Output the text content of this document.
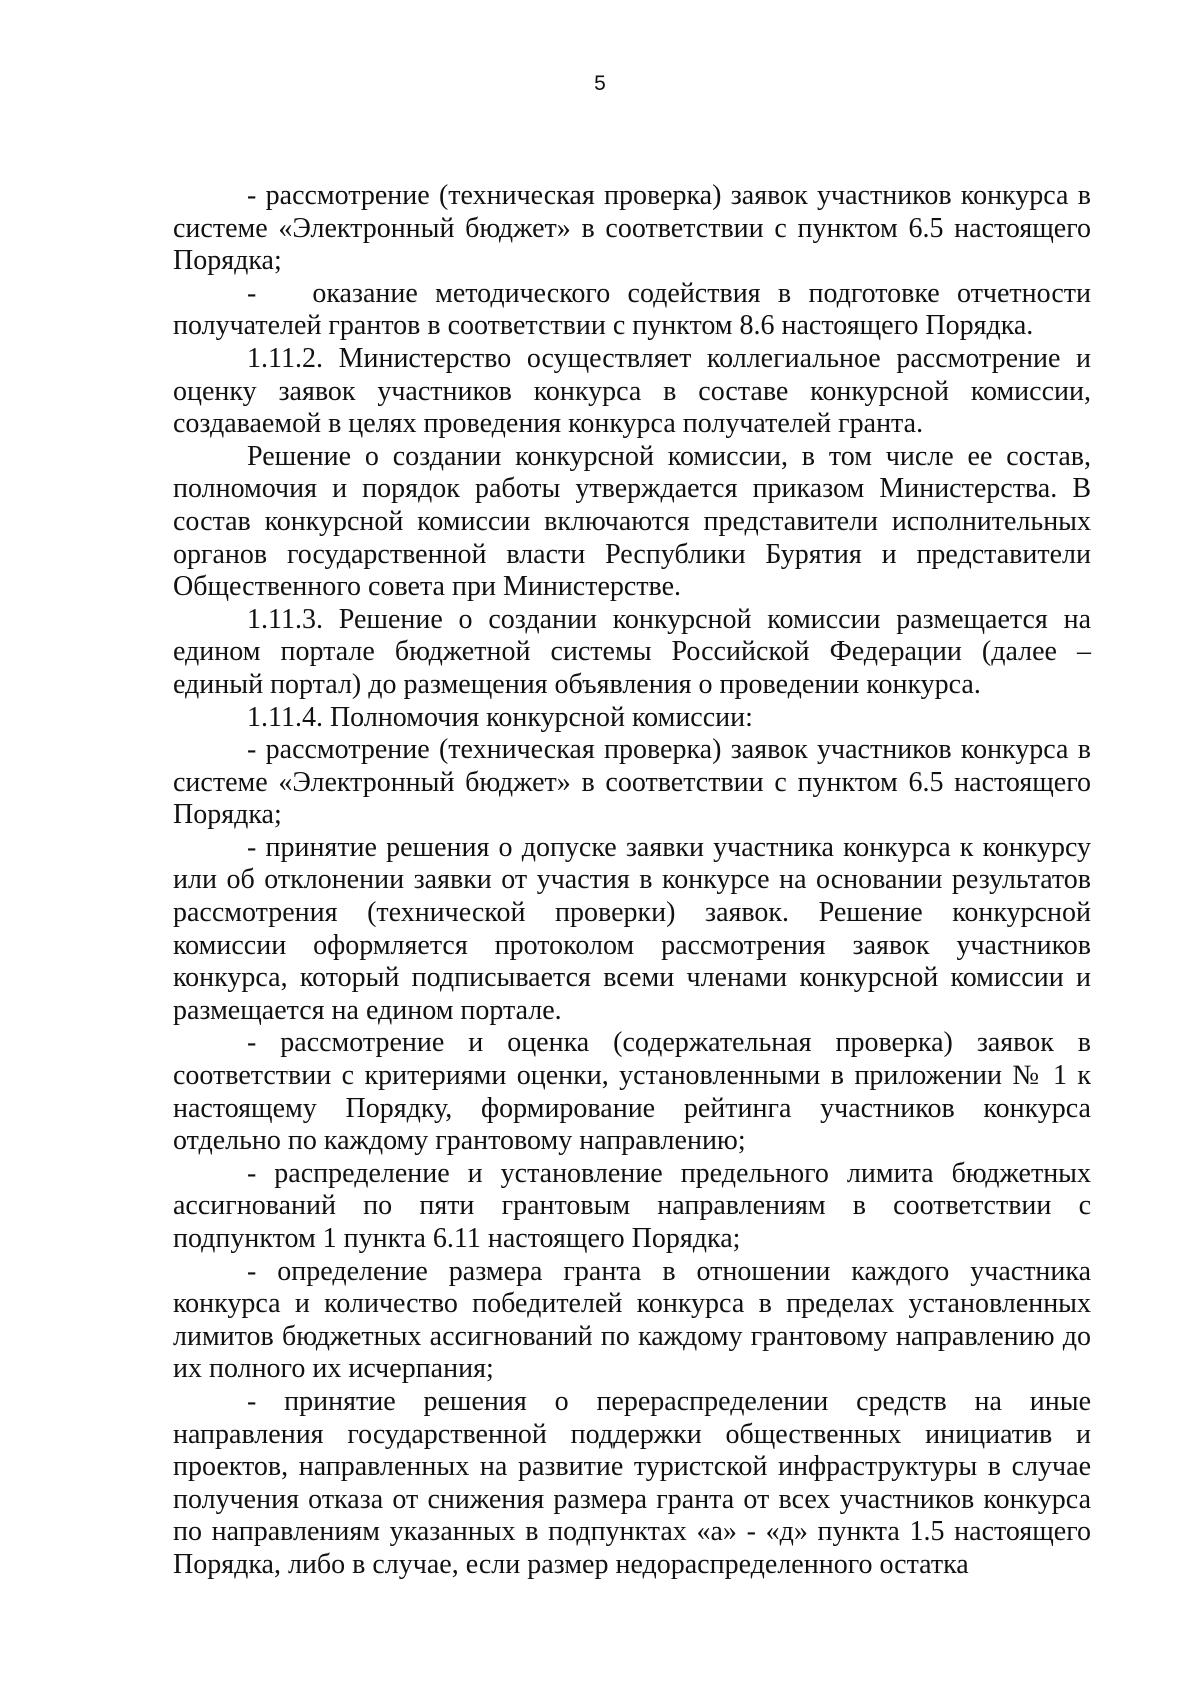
5

- рассмотрение (техническая проверка) заявок участников конкурса в системе «Электронный бюджет» в соответствии с пунктом 6.5 настоящего Порядка;

-  оказание методического содействия в подготовке отчетности получателей грантов в соответствии с пунктом 8.6 настоящего Порядка.

1.11.2. Министерство осуществляет коллегиальное рассмотрение и оценку заявок участников конкурса в составе конкурсной комиссии, создаваемой в целях проведения конкурса получателей гранта.

Решение о создании конкурсной комиссии, в том числе ее состав, полномочия и порядок работы утверждается приказом Министерства. В состав конкурсной комиссии включаются представители исполнительных органов государственной власти Республики Бурятия и представители Общественного совета при Министерстве.

1.11.3. Решение о создании конкурсной комиссии размещается на едином портале бюджетной системы Российской Федерации (далее – единый портал) до размещения объявления о проведении конкурса.

1.11.4. Полномочия конкурсной комиссии:

- рассмотрение (техническая проверка) заявок участников конкурса в системе «Электронный бюджет» в соответствии с пунктом 6.5 настоящего Порядка;

- принятие решения о допуске заявки участника конкурса к конкурсу или об отклонении заявки от участия в конкурсе на основании результатов рассмотрения (технической проверки) заявок. Решение конкурсной комиссии оформляется протоколом рассмотрения заявок участников конкурса, который подписывается всеми членами конкурсной комиссии и размещается на едином портале.

- рассмотрение и оценка (содержательная проверка) заявок в соответствии с критериями оценки, установленными в приложении № 1 к настоящему Порядку, формирование рейтинга участников конкурса отдельно по каждому грантовому направлению;

- распределение и установление предельного лимита бюджетных ассигнований по пяти грантовым направлениям в соответствии с подпунктом 1 пункта 6.11 настоящего Порядка;

- определение размера гранта в отношении каждого участника конкурса и количество победителей конкурса в пределах установленных лимитов бюджетных ассигнований по каждому грантовому направлению до их полного их исчерпания;

- принятие решения о перераспределении средств на иные направления государственной поддержки общественных инициатив и проектов, направленных на развитие туристской инфраструктуры в случае получения отказа от снижения размера гранта от всех участников конкурса по направлениям указанных в подпунктах «а» - «д» пункта 1.5 настоящего Порядка, либо в случае, если размер недораспределенного остатка
